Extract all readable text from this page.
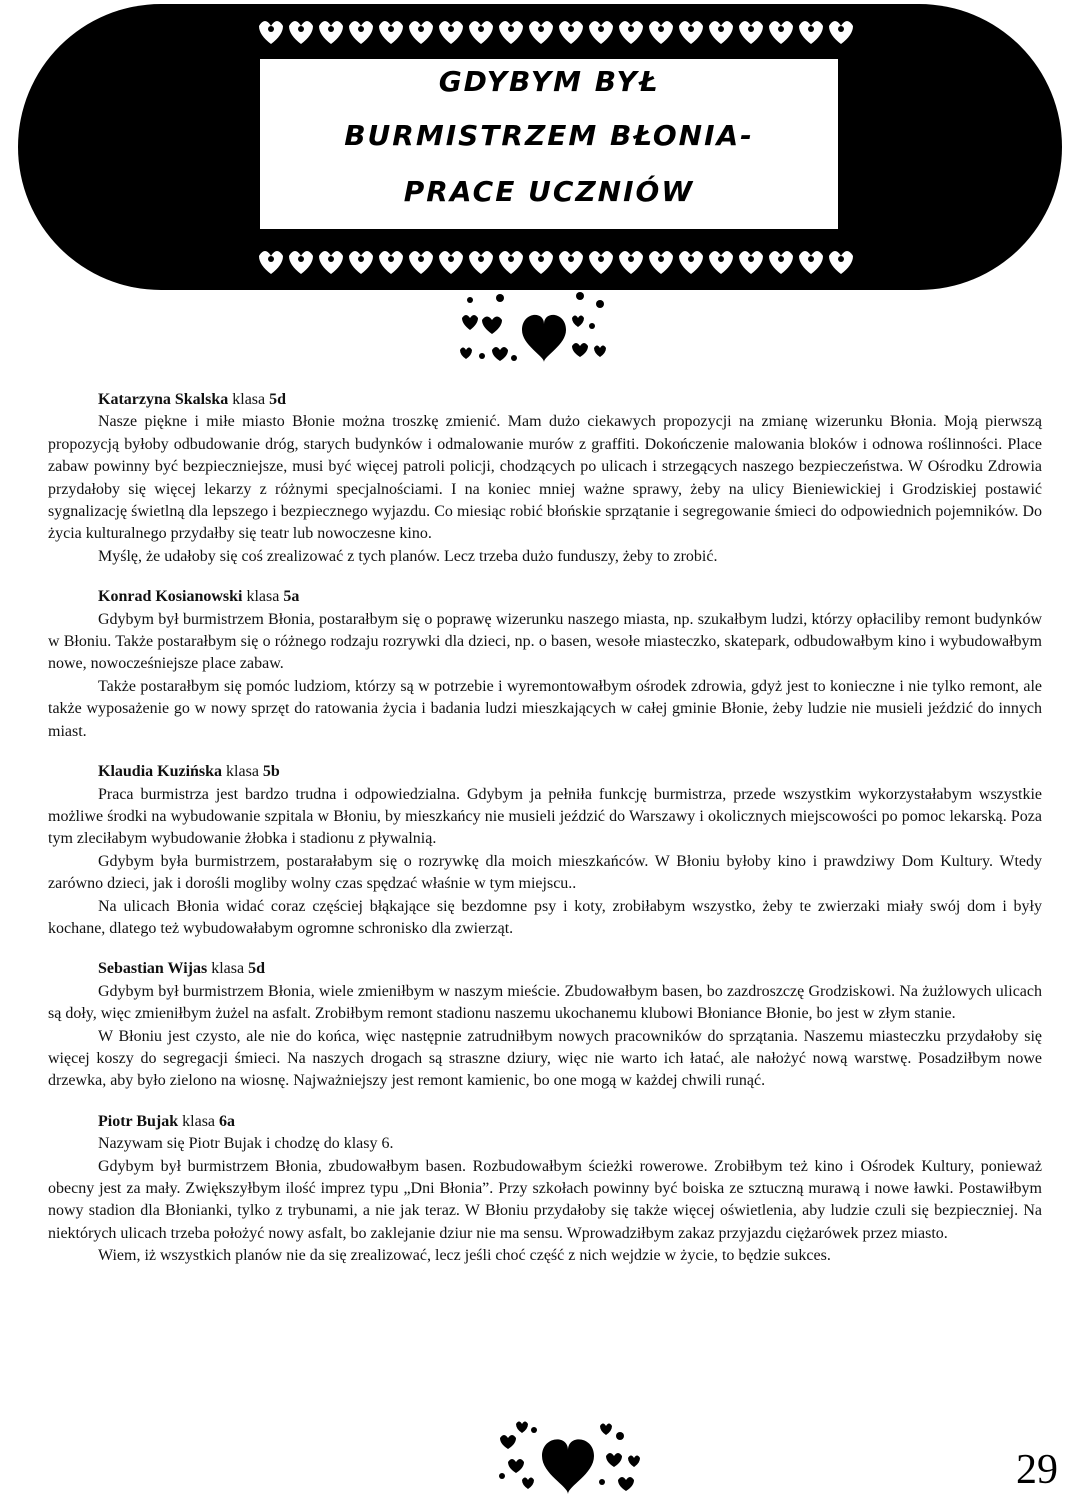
GDYBYM BYŁ
BURMISTRZEM BŁONIA-
PRACE UCZNIÓW
Katarzyna Skalska klasa 5d

Nasze piękne i miłe miasto Błonie można troszkę zmienić. Mam dużo ciekawych propozycji na zmianę wizerunku Błonia. Moją pierwszą propozycją byłoby odbudowanie dróg, starych budynków i odmalowanie murów z graffiti. Dokończenie malowania bloków i odnowa roślinności. Place zabaw powinny być bezpieczniejsze, musi być więcej patroli policji, chodzących po ulicach i strzegących naszego bezpieczeństwa. W Ośrodku Zdrowia przydałoby się więcej lekarzy z różnymi specjalnościami. I na koniec mniej ważne sprawy, żeby na ulicy Bieniewickiej i Grodziskiej postawić sygnalizację świetlną dla lepszego i bezpiecznego wyjazdu. Co miesiąc robić błońskie sprzątanie i segregowanie śmieci do odpowiednich pojemników. Do życia kulturalnego przydałby się teatr lub nowoczesne kino.

Myślę, że udałoby się coś zrealizować z tych planów. Lecz trzeba dużo funduszy, żeby to zrobić.

Konrad Kosianowski klasa 5a

Gdybym był burmistrzem Błonia, postarałbym się o poprawę wizerunku naszego miasta, np. szukałbym ludzi, którzy opłaciliby remont budynków w Błoniu. Także postarałbym się o różnego rodzaju rozrywki dla dzieci, np. o basen, wesołe miasteczko, skatepark, odbudowałbym kino i wybudowałbym nowe, nowocześniejsze place zabaw.

Także postarałbym się pomóc ludziom, którzy są w potrzebie i wyremontowałbym ośrodek zdrowia, gdyż jest to konieczne i nie tylko remont, ale także wyposażenie go w nowy sprzęt do ratowania życia i badania ludzi mieszkających w całej gminie Błonie, żeby ludzie nie musieli jeździć do innych miast.

Klaudia Kuzińska klasa 5b

Praca burmistrza jest bardzo trudna i odpowiedzialna. Gdybym ja pełniła funkcję burmistrza, przede wszystkim wykorzystałabym wszystkie możliwe środki na wybudowanie szpitala w Błoniu, by mieszkańcy nie musieli jeździć do Warszawy i okolicznych miejscowości po pomoc lekarską. Poza tym zleciłabym wybudowanie żłobka i stadionu z pływalnią.

Gdybym była burmistrzem, postarałabym się o rozrywkę dla moich mieszkańców. W Błoniu byłoby kino i prawdziwy Dom Kultury. Wtedy zarówno dzieci, jak i dorośli mogliby wolny czas spędzać właśnie w tym miejscu..

Na ulicach Błonia widać coraz częściej błąkające się bezdomne psy i koty, zrobiłabym wszystko, żeby te zwierzaki miały swój dom i były kochane, dlatego też wybudowałabym ogromne schronisko dla zwierząt.

Sebastian Wijas klasa 5d

Gdybym był burmistrzem Błonia, wiele zmieniłbym w naszym mieście. Zbudowałbym basen, bo zazdroszczę Grodziskowi. Na żużlowych ulicach są doły, więc zmieniłbym żużel na asfalt. Zrobiłbym remont stadionu naszemu ukochanemu klubowi Błoniance Błonie, bo jest w złym stanie.

W Błoniu jest czysto, ale nie do końca, więc następnie zatrudniłbym nowych pracowników do sprzątania. Naszemu miasteczku przydałoby się więcej koszy do segregacji śmieci. Na naszych drogach są straszne dziury, więc nie warto ich łatać, ale nałożyć nową warstwę. Posadziłbym nowe drzewka, aby było zielono na wiosnę. Najważniejszy jest remont kamienic, bo one mogą w każdej chwili runąć.

Piotr Bujak klasa 6a

Nazywam się Piotr Bujak i chodzę do klasy 6.

Gdybym był burmistrzem Błonia, zbudowałbym basen. Rozbudowałbym ścieżki rowerowe. Zrobiłbym też kino i Ośrodek Kultury, ponieważ obecny jest za mały. Zwiększyłbym ilość imprez typu „Dni Błonia”. Przy szkołach powinny być boiska ze sztuczną murawą i nowe ławki. Postawiłbym nowy stadion dla Błonianki, tylko z trybunami, a nie jak teraz. W Błoniu przydałoby się także więcej oświetlenia, aby ludzie czuli się bezpieczniej. Na niektórych ulicach trzeba położyć nowy asfalt, bo zaklejanie dziur nie ma sensu. Wprowadziłbym zakaz przyjazdu ciężarówek przez miasto.

Wiem, iż wszystkich planów nie da się zrealizować, lecz jeśli choć część z nich wejdzie w życie, to będzie sukces.

29
